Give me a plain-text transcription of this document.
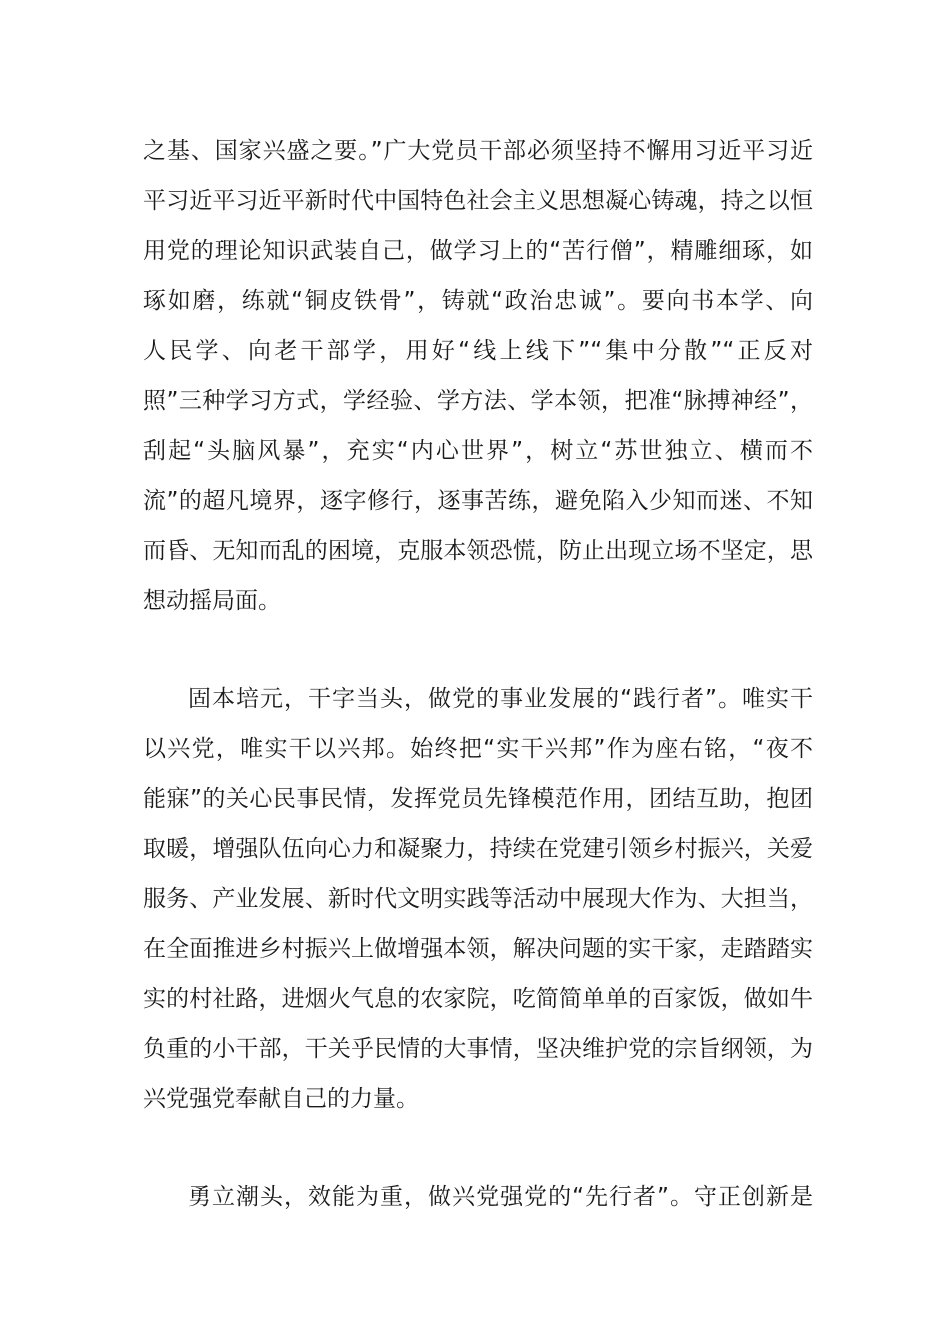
之基、国家兴盛之要。”广大党员干部必须坚持不懈用习近平习近
平习近平习近平新时代中国特色社会主义思想凝心铸魂，持之以恒
用党的理论知识武装自己，做学习上的“苦行僧”，精雕细琢，如
琢如磨，练就“铜皮铁骨”，铸就“政治忠诚”。要向书本学、向
人民学、向老干部学，用好“线上线下”“集中分散”“正反对
照”三种学习方式，学经验、学方法、学本领，把准“脉搏神经”，
刮起“头脑风暴”，充实“内心世界”，树立“苏世独立、横而不
流”的超凡境界，逐字修行，逐事苦练，避免陷入少知而迷、不知
而昏、无知而乱的困境，克服本领恐慌，防止出现立场不坚定，思
想动摇局面。
固本培元，干字当头，做党的事业发展的“践行者”。唯实干
以兴党，唯实干以兴邦。始终把“实干兴邦”作为座右铭，“夜不
能寐”的关心民事民情，发挥党员先锋模范作用，团结互助，抱团
取暖，增强队伍向心力和凝聚力，持续在党建引领乡村振兴，关爱
服务、产业发展、新时代文明实践等活动中展现大作为、大担当，
在全面推进乡村振兴上做增强本领，解决问题的实干家，走踏踏实
实的村社路，进烟火气息的农家院，吃简简单单的百家饭，做如牛
负重的小干部，干关乎民情的大事情，坚决维护党的宗旨纲领，为
兴党强党奉献自己的力量。
勇立潮头，效能为重，做兴党强党的“先行者”。守正创新是
